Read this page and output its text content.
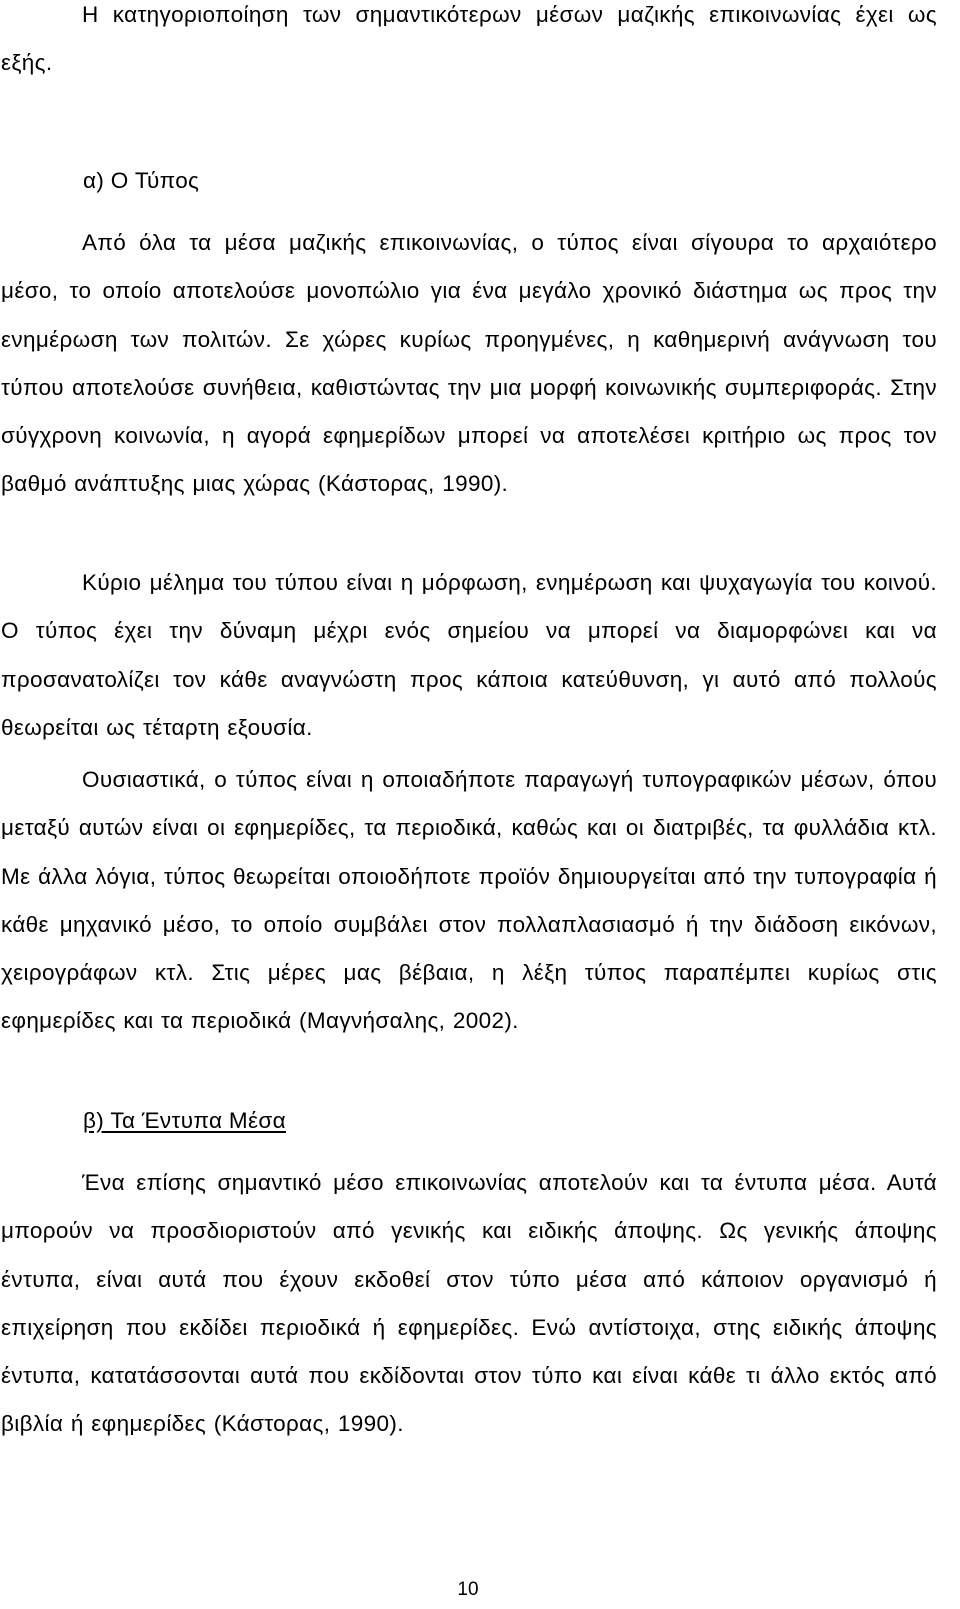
Η κατηγοριοποίηση των σημαντικότερων μέσων μαζικής επικοινωνίας έχει ως εξής.

α) Ο Τύπος

Από όλα τα μέσα μαζικής επικοινωνίας, ο τύπος είναι σίγουρα το αρχαιότερο μέσο, το οποίο αποτελούσε μονοπώλιο για ένα μεγάλο χρονικό διάστημα ως προς την ενημέρωση των πολιτών. Σε χώρες κυρίως προηγμένες, η καθημερινή ανάγνωση του τύπου αποτελούσε συνήθεια, καθιστώντας την μια μορφή κοινωνικής συμπεριφοράς. Στην σύγχρονη κοινωνία, η αγορά εφημερίδων μπορεί να αποτελέσει κριτήριο ως προς τον βαθμό ανάπτυξης μιας χώρας (Κάστορας, 1990).

Κύριο μέλημα του τύπου είναι η μόρφωση, ενημέρωση και ψυχαγωγία του κοινού. Ο τύπος έχει την δύναμη μέχρι ενός σημείου να μπορεί να διαμορφώνει και να προσανατολίζει τον κάθε αναγνώστη προς κάποια κατεύθυνση, γι αυτό από πολλούς θεωρείται ως τέταρτη εξουσία.

Ουσιαστικά, ο τύπος είναι η οποιαδήποτε παραγωγή τυπογραφικών μέσων, όπου μεταξύ αυτών είναι οι εφημερίδες, τα περιοδικά, καθώς και οι διατριβές, τα φυλλάδια κτλ. Με άλλα λόγια, τύπος θεωρείται οποιοδήποτε προϊόν δημιουργείται από την τυπογραφία ή κάθε μηχανικό μέσο, το οποίο συμβάλει στον πολλαπλασιασμό ή την διάδοση εικόνων, χειρογράφων κτλ. Στις μέρες μας βέβαια, η λέξη τύπος παραπέμπει κυρίως στις εφημερίδες και τα περιοδικά (Μαγνήσαλης, 2002).

β) Τα Έντυπα Μέσα

Ένα επίσης σημαντικό μέσο επικοινωνίας αποτελούν και τα έντυπα μέσα. Αυτά μπορούν να προσδιοριστούν από γενικής και ειδικής άποψης. Ως γενικής άποψης έντυπα, είναι αυτά που έχουν εκδοθεί στον τύπο μέσα από κάποιον οργανισμό ή επιχείρηση που εκδίδει περιοδικά ή εφημερίδες. Ενώ αντίστοιχα, στης ειδικής άποψης έντυπα, κατατάσσονται αυτά που εκδίδονται στον τύπο και είναι κάθε τι άλλο εκτός από βιβλία ή εφημερίδες (Κάστορας, 1990).

10
